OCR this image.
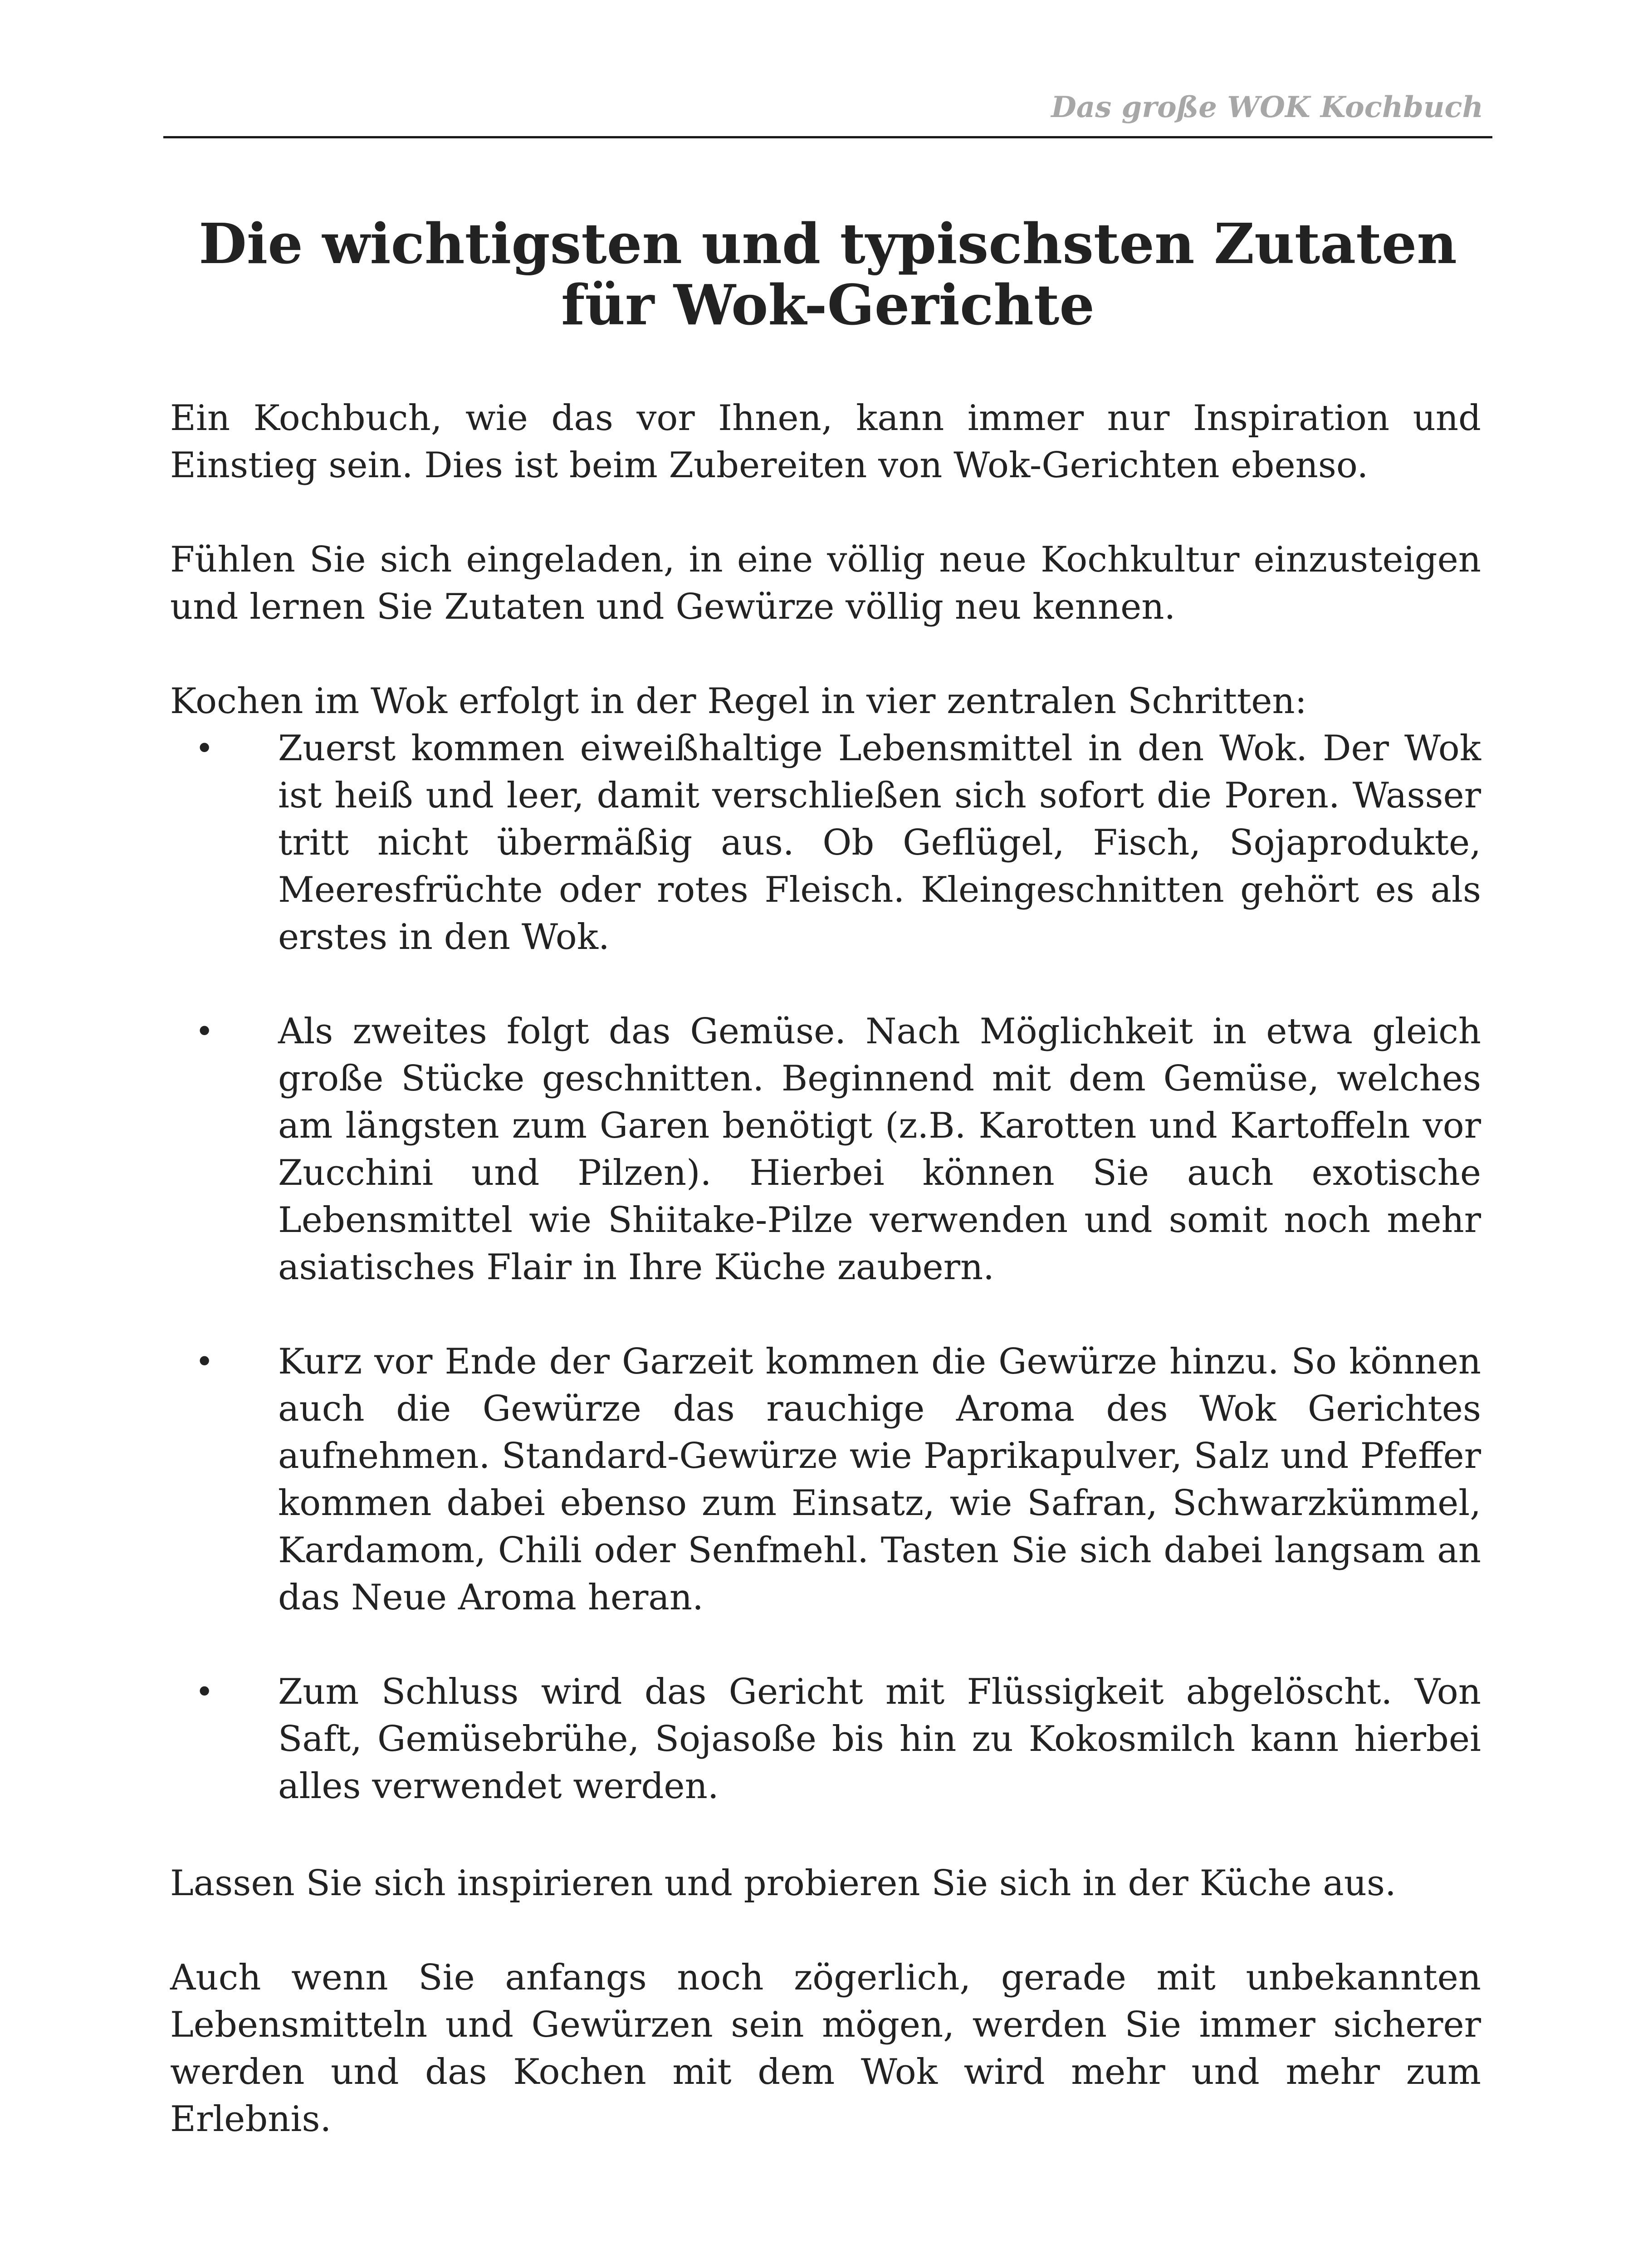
Das große WOK Kochbuch
Die wichtigsten und typischsten Zutaten
für Wok-Gerichte

Ein Kochbuch, wie das vor Ihnen, kann immer nur Inspiration und Einstieg sein. Dies ist beim Zubereiten von Wok-Gerichten ebenso.

Fühlen Sie sich eingeladen, in eine völlig neue Kochkultur einzusteigen und lernen Sie Zutaten und Gewürze völlig neu kennen.

Kochen im Wok erfolgt in der Regel in vier zentralen Schritten:

• Zuerst kommen eiweißhaltige Lebensmittel in den Wok. Der Wok ist heiß und leer, damit verschließen sich sofort die Poren. Wasser tritt nicht übermäßig aus. Ob Geflügel, Fisch, Sojaprodukte, Meeresfrüchte oder rotes Fleisch. Kleingeschnitten gehört es als erstes in den Wok.
• Als zweites folgt das Gemüse. Nach Möglichkeit in etwa gleich große Stücke geschnitten. Beginnend mit dem Gemüse, welches am längsten zum Garen benötigt (z.B. Karotten und Kartoffeln vor Zucchini und Pilzen). Hierbei können Sie auch exotische Lebensmittel wie Shiitake-Pilze verwenden und somit noch mehr asiatisches Flair in Ihre Küche zaubern.
• Kurz vor Ende der Garzeit kommen die Gewürze hinzu. So können auch die Gewürze das rauchige Aroma des Wok Gerichtes aufnehmen. Standard-Gewürze wie Paprikapulver, Salz und Pfeffer kommen dabei ebenso zum Einsatz, wie Safran, Schwarzkümmel, Kardamom, Chili oder Senfmehl. Tasten Sie sich dabei langsam an das Neue Aroma heran.
• Zum Schluss wird das Gericht mit Flüssigkeit abgelöscht. Von Saft, Gemüsebrühe, Sojasoße bis hin zu Kokosmilch kann hierbei alles verwendet werden.

Lassen Sie sich inspirieren und probieren Sie sich in der Küche aus.

Auch wenn Sie anfangs noch zögerlich, gerade mit unbekannten Lebensmitteln und Gewürzen sein mögen, werden Sie immer sicherer werden und das Kochen mit dem Wok wird mehr und mehr zum Erlebnis.
